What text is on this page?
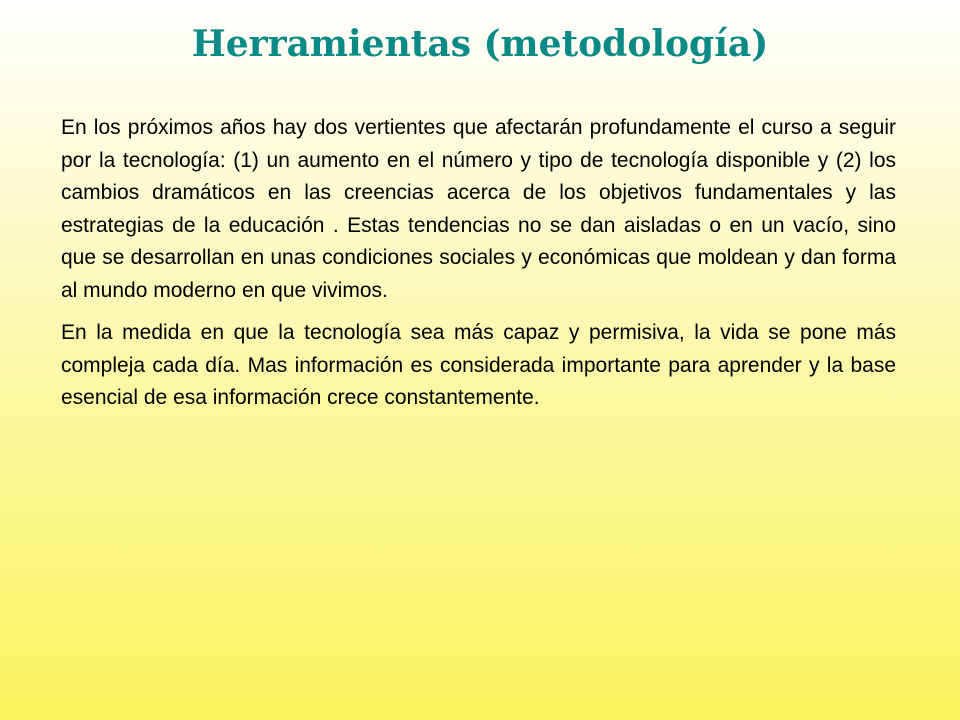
Herramientas (metodología)

En los próximos años hay dos vertientes que afectarán profundamente el curso a seguir por la tecnología: (1) un aumento en el número y tipo de tecnología disponible y (2) los cambios dramáticos en las creencias acerca de los objetivos fundamentales y las estrategias de la educación . Estas tendencias no se dan aisladas o en un vacío, sino que se desarrollan en unas condiciones sociales y económicas que moldean y dan forma al mundo moderno en que vivimos.

En la medida en que la tecnología sea más capaz y permisiva, la vida se pone más compleja cada día. Mas información es considerada importante para aprender y la base esencial de esa información crece constantemente.
